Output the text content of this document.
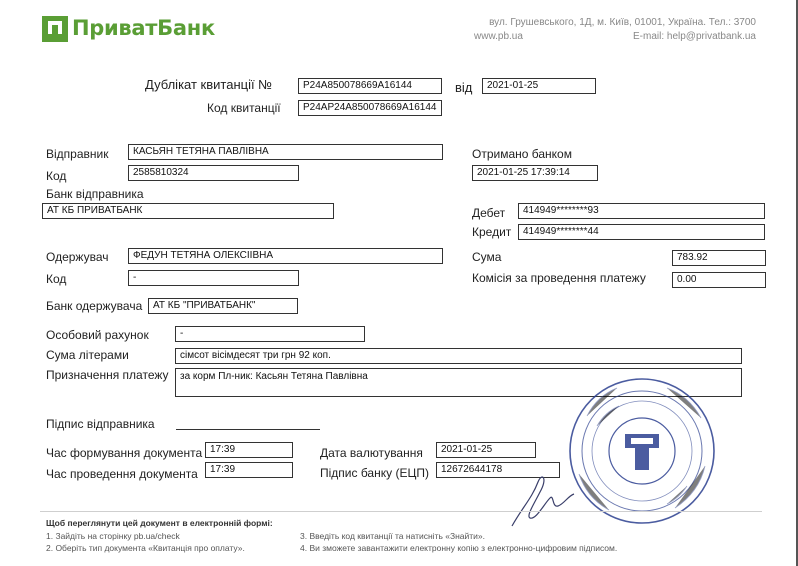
ПриватБанк	вул. Грушевського, 1Д, м. Київ, 01001, Україна. Тел.: 3700
www.pb.ua	E-mail: help@privatbank.ua
Дублікат квитанції №	P24A850078669A16144	від	2021-01-25
Код квитанції	P24AP24A850078669A16144
Відправник	КАСЬЯН ТЕТЯНА ПАВЛІВНА
Код	2585810324
Банк відправника
АТ КБ ПРИВАТБАНК
Отримано банком
2021-01-25 17:39:14
Дебет	414949********93
Кредит	414949********44
Сума	783.92
Комісія за проведення платежу	0.00
Одержувач	ФЕДУН ТЕТЯНА ОЛЕКСІІВНА
Код	-
Банк одержувача	АТ КБ "ПРИВАТБАНК"
Особовий рахунок	-
Сума літерами	сімсот вісімдесят три грн 92 коп.
Призначення платежу	за корм Пл-ник: Касьян Тетяна Павлівна
Підпис відправника
Час формування документа 17:39
Час проведення документа	17:39
Дата валютування	2021-01-25
Підпис банку (ЕЦП)	12672644178
Щоб переглянути цей документ в електронній формі:
1. Зайдіть на сторінку pb.ua/check
2. Оберіть тип документа «Квитанція про оплату».
3. Введіть код квитанції та натисніть «Знайти».
4. Ви зможете завантажити електронну копію з електронно-цифровим підписом.
